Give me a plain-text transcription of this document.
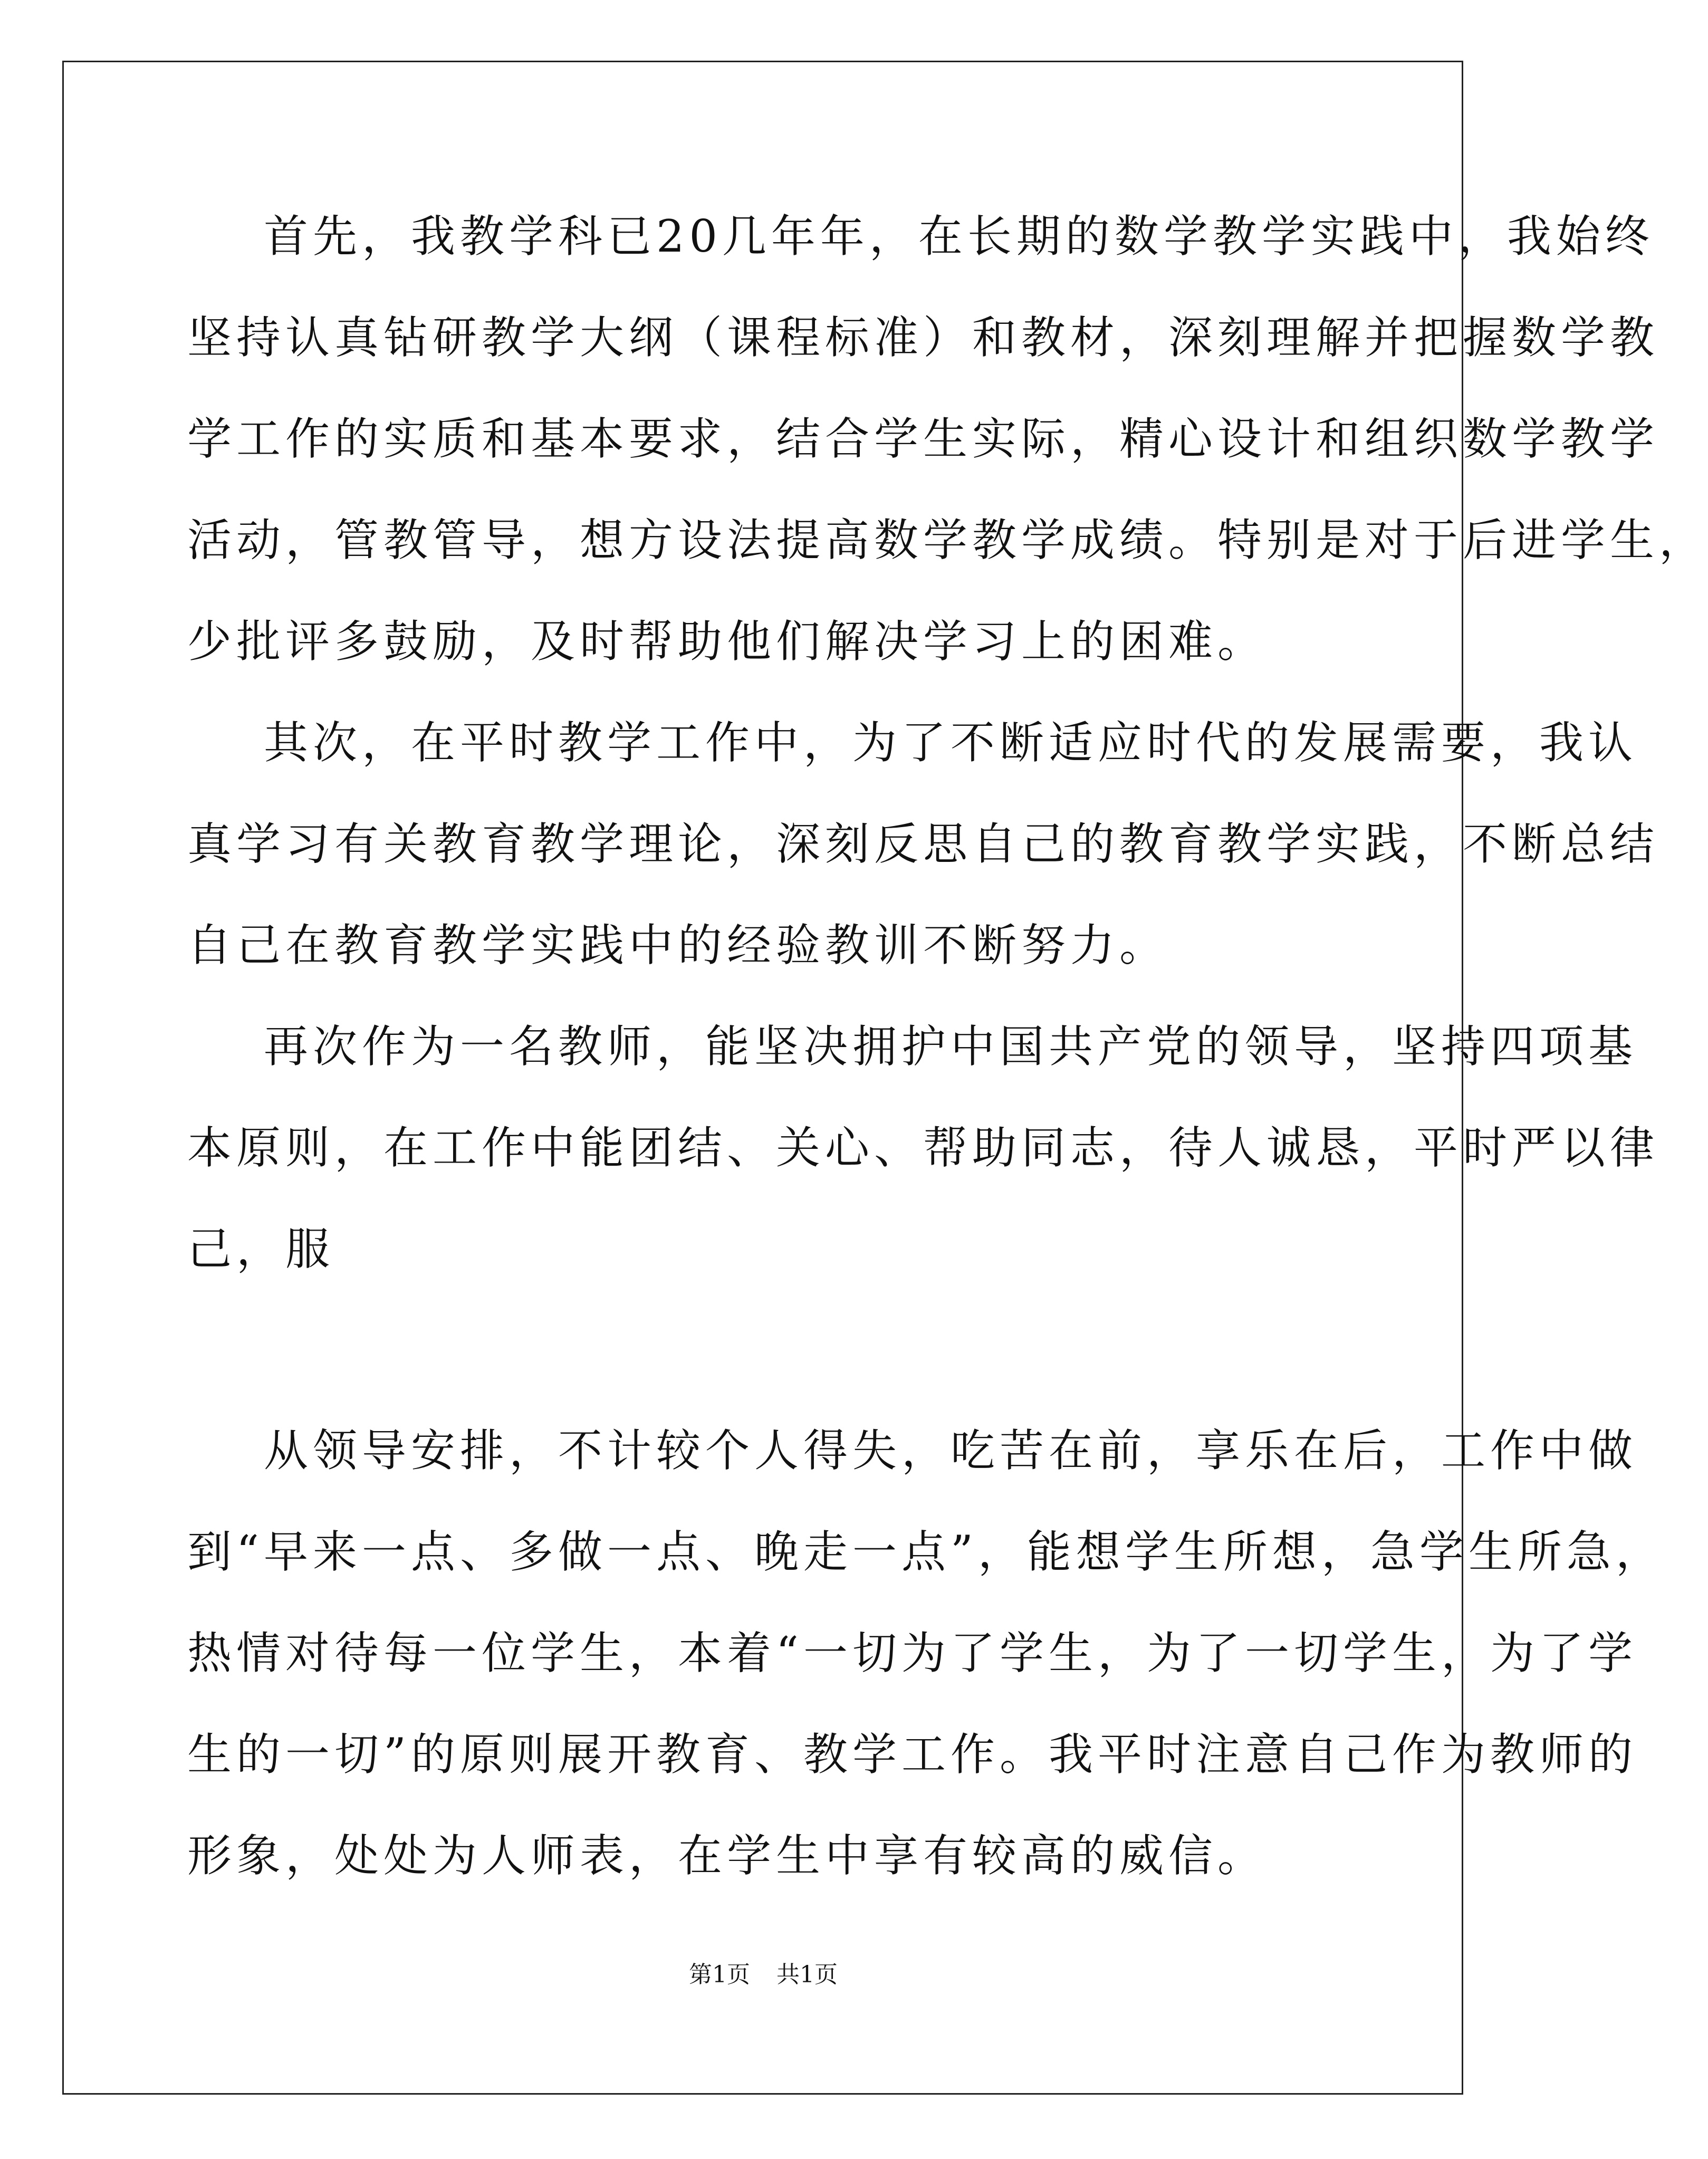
首先，我教学科已20几年年，在长期的数学教学实践中，我始终

坚持认真钻研教学大纲（课程标准）和教材，深刻理解并把握数学教

学工作的实质和基本要求，结合学生实际，精心设计和组织数学教学

活动，管教管导，想方设法提高数学教学成绩。特别是对于后进学生，

少批评多鼓励，及时帮助他们解决学习上的困难。

其次，在平时教学工作中，为了不断适应时代的发展需要，我认

真学习有关教育教学理论，深刻反思自己的教育教学实践，不断总结

自己在教育教学实践中的经验教训不断努力。

再次作为一名教师，能坚决拥护中国共产党的领导，坚持四项基

本原则，在工作中能团结、关心、帮助同志，待人诚恳，平时严以律

己，服

从领导安排，不计较个人得失，吃苦在前，享乐在后，工作中做

到“早来一点、多做一点、晚走一点”，能想学生所想，急学生所急，

热情对待每一位学生，本着“一切为了学生，为了一切学生，为了学

生的一切”的原则展开教育、教学工作。我平时注意自己作为教师的

形象，处处为人师表，在学生中享有较高的威信。

第1页 共1页
